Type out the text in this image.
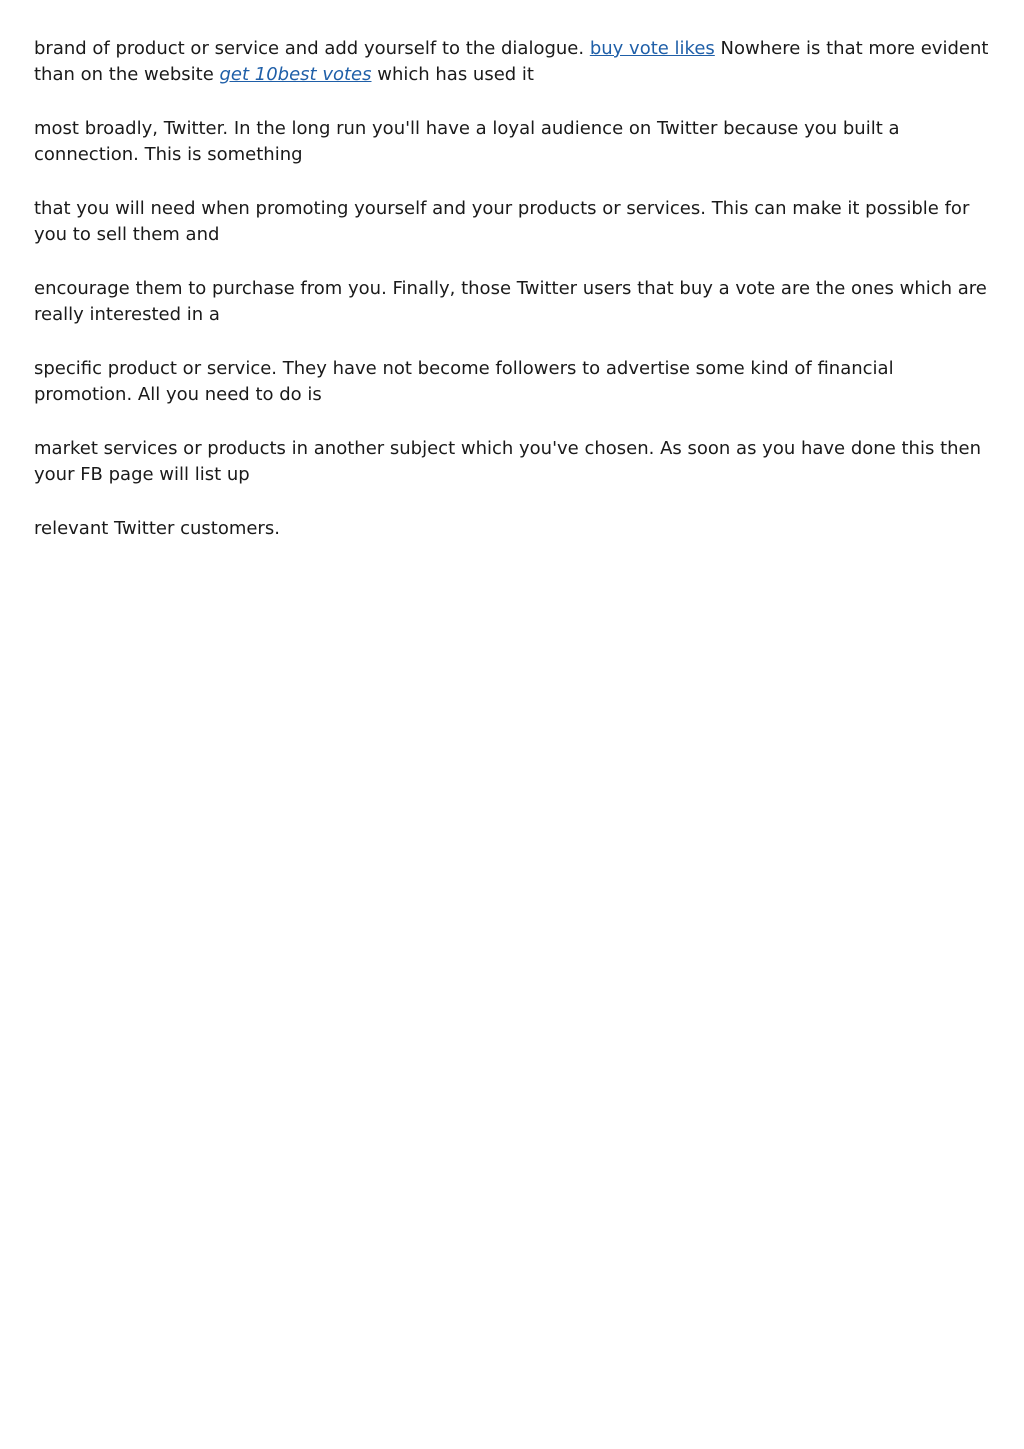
brand of product or service and add yourself to the dialogue. buy vote likes Nowhere is that more evident than on the website get 10best votes which has used it

most broadly, Twitter. In the long run you'll have a loyal audience on Twitter because you built a connection. This is something

that you will need when promoting yourself and your products or services. This can make it possible for you to sell them and

encourage them to purchase from you. Finally, those Twitter users that buy a vote are the ones which are really interested in a

specific product or service. They have not become followers to advertise some kind of financial promotion. All you need to do is

market services or products in another subject which you've chosen. As soon as you have done this then your FB page will list up

relevant Twitter customers.
